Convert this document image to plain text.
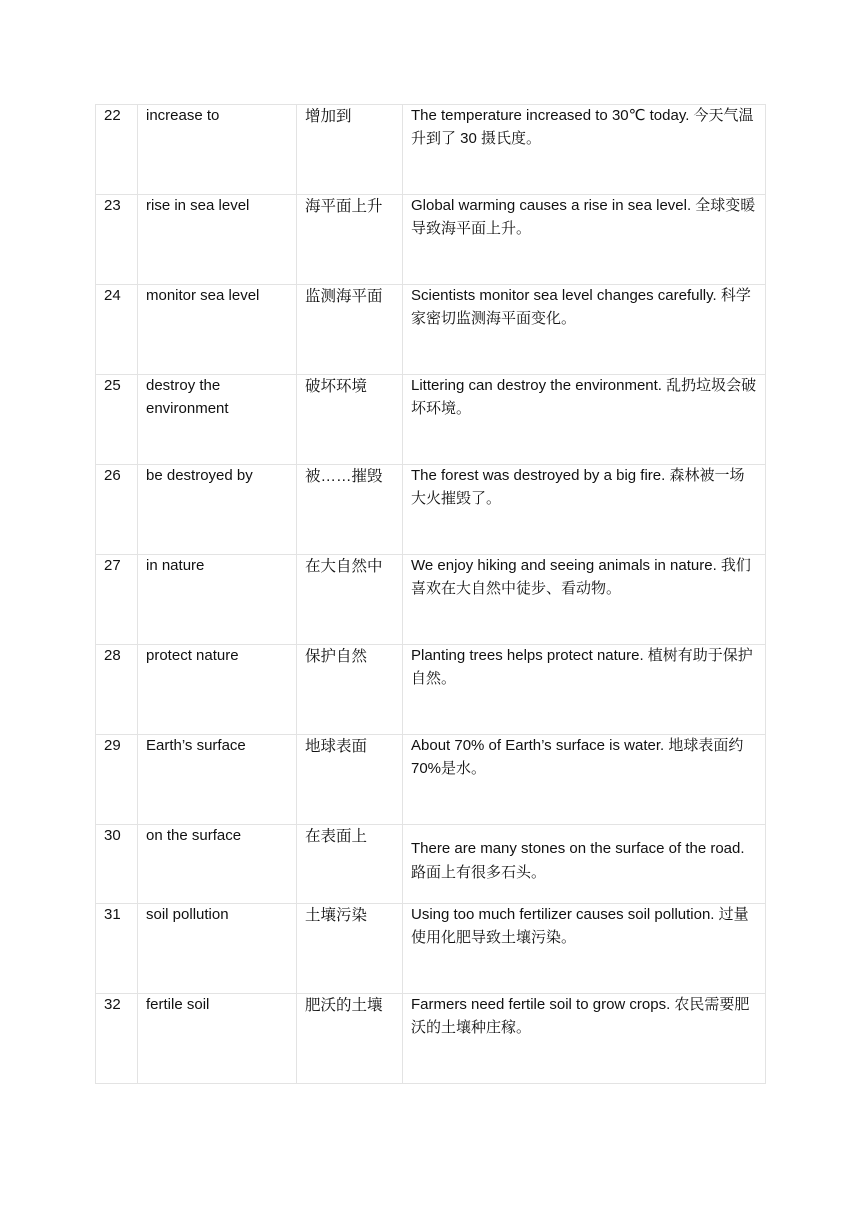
22	increase to	增加到	The temperature increased to 30℃ today. 今天气温升到了 30 摄氏度。
23	rise in sea level	海平面上升	Global warming causes a rise in sea level. 全球变暖导致海平面上升。
24	monitor sea level	监测海平面	Scientists monitor sea level changes carefully. 科学家密切监测海平面变化。
25	destroy the environment	破坏环境	Littering can destroy the environment. 乱扔垃圾会破坏环境。
26	be destroyed by	被……摧毁	The forest was destroyed by a big fire. 森林被一场大火摧毁了。
27	in nature	在大自然中	We enjoy hiking and seeing animals in nature. 我们喜欢在大自然中徒步、看动物。
28	protect nature	保护自然	Planting trees helps protect nature. 植树有助于保护自然。
29	Earth’s surface	地球表面	About 70% of Earth’s surface is water. 地球表面约 70%是水。
30	on the surface	在表面上	There are many stones on the surface of the road. 路面上有很多石头。
31	soil pollution	土壤污染	Using too much fertilizer causes soil pollution. 过量使用化肥导致土壤污染。
32	fertile soil	肥沃的土壤	Farmers need fertile soil to grow crops. 农民需要肥沃的土壤种庄稼。
